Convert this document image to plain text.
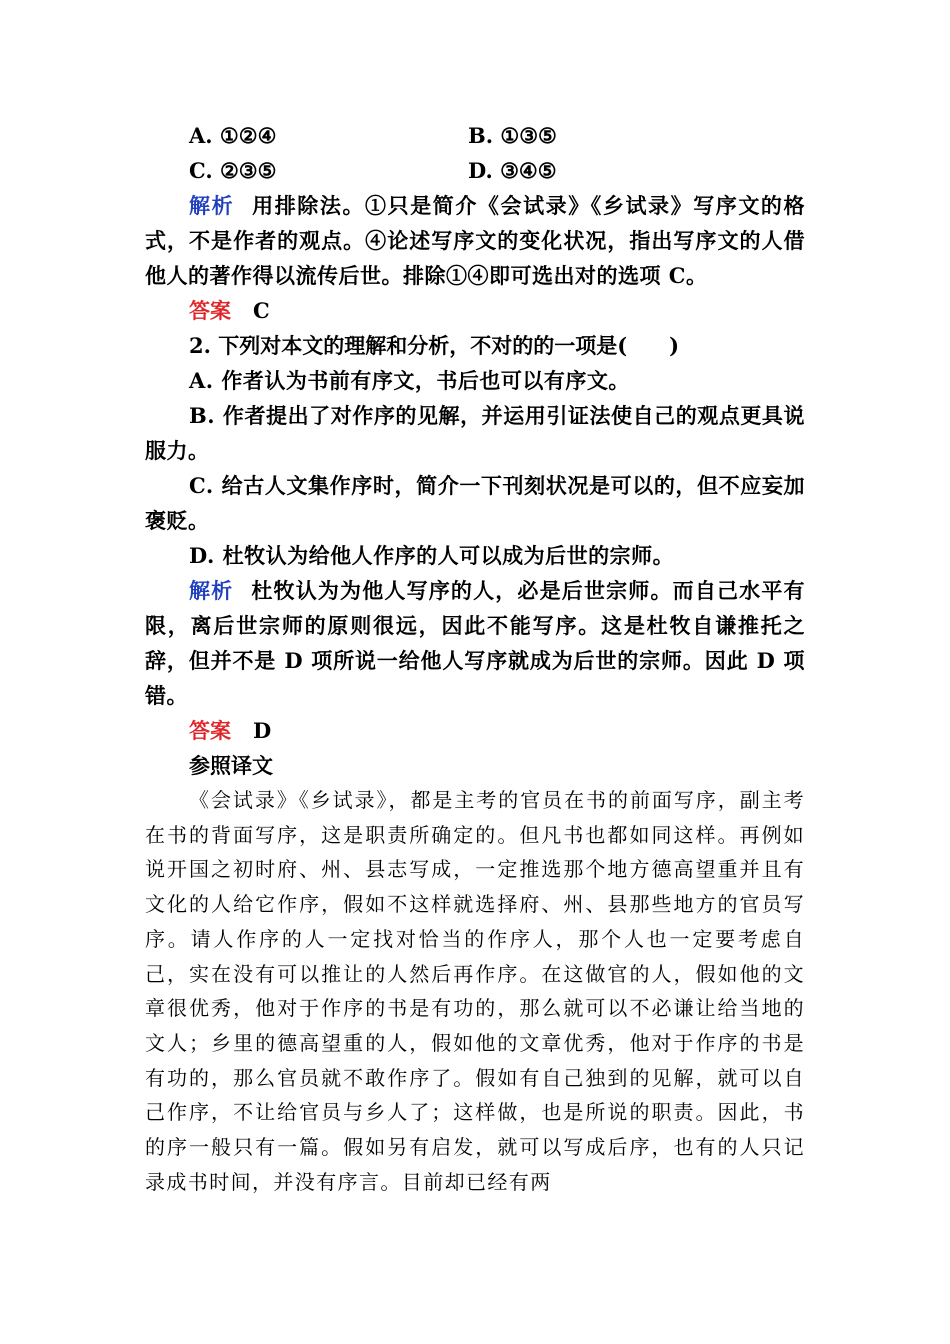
A. ①②④	B. ①③⑤
C. ②③⑤	D. ③④⑤
解析 用排除法。①只是简介《会试录》《乡试录》写序文的格式，不是作者的观点。④论述写序文的变化状况，指出写序文的人借他人的著作得以流传后世。排除①④即可选出对的选项 C。
答案 C
2. 下列对本文的理解和分析，不对的的一项是(　　)
A. 作者认为书前有序文，书后也可以有序文。
B. 作者提出了对作序的见解，并运用引证法使自己的观点更具说服力。
C. 给古人文集作序时，简介一下刊刻状况是可以的，但不应妄加褒贬。
D. 杜牧认为给他人作序的人可以成为后世的宗师。
解析 杜牧认为为他人写序的人，必是后世宗师。而自己水平有限，离后世宗师的原则很远，因此不能写序。这是杜牧自谦推托之辞，但并不是 D 项所说一给他人写序就成为后世的宗师。因此 D 项错。
答案 D
参照译文
《会试录》《乡试录》，都是主考的官员在书的前面写序，副主考在书的背面写序，这是职责所确定的。但凡书也都如同这样。再例如说开国之初时府、州、县志写成，一定推选那个地方德高望重并且有文化的人给它作序，假如不这样就选择府、州、县那些地方的官员写序。请人作序的人一定找对恰当的作序人，那个人也一定要考虑自己，实在没有可以推让的人然后再作序。在这做官的人，假如他的文章很优秀，他对于作序的书是有功的，那么就可以不必谦让给当地的文人；乡里的德高望重的人，假如他的文章优秀，他对于作序的书是有功的，那么官员就不敢作序了。假如有自己独到的见解，就可以自己作序，不让给官员与乡人了；这样做，也是所说的职责。因此，书的序一般只有一篇。假如另有启发，就可以写成后序，也有的人只记录成书时间，并没有序言。目前却已经有两
